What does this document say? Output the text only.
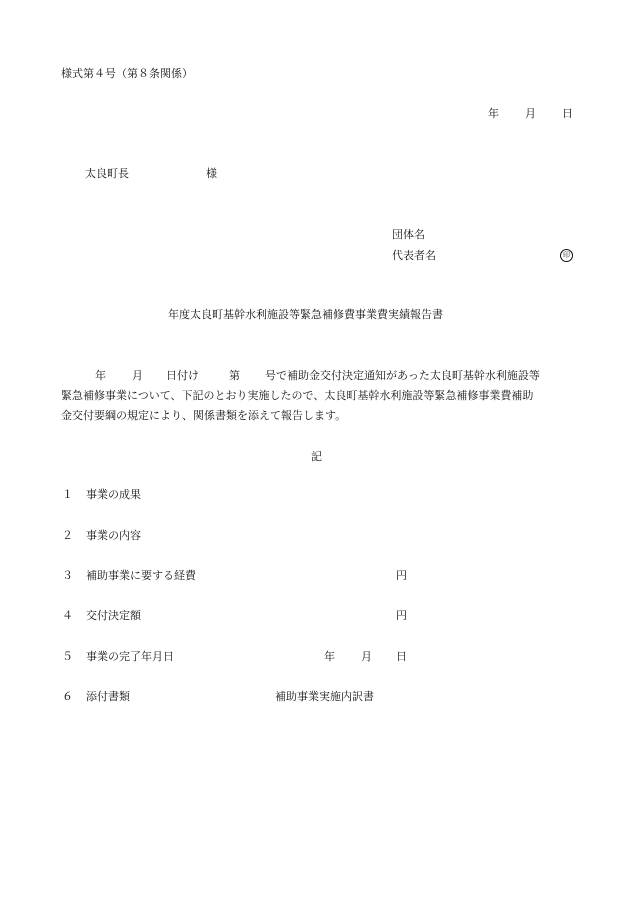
様式第４号（第８条関係）
年 月 日
太良町長	様
団体名
代表者名	印
年度太良町基幹水利施設等緊急補修費事業費実績報告書
年 月 日付け	第 号で補助金交付決定通知があった太良町基幹水利施設等
緊急補修事業について、下記のとおり実施したので、太良町基幹水利施設等緊急補修事業費補助
金交付要綱の規定により、関係書類を添えて報告します。
記
１ 事業の成果
２ 事業の内容
３ 補助事業に要する経費	円
４ 交付決定額	円
５ 事業の完了年月日	年 月 日
６ 添付書類	補助事業実施内訳書
